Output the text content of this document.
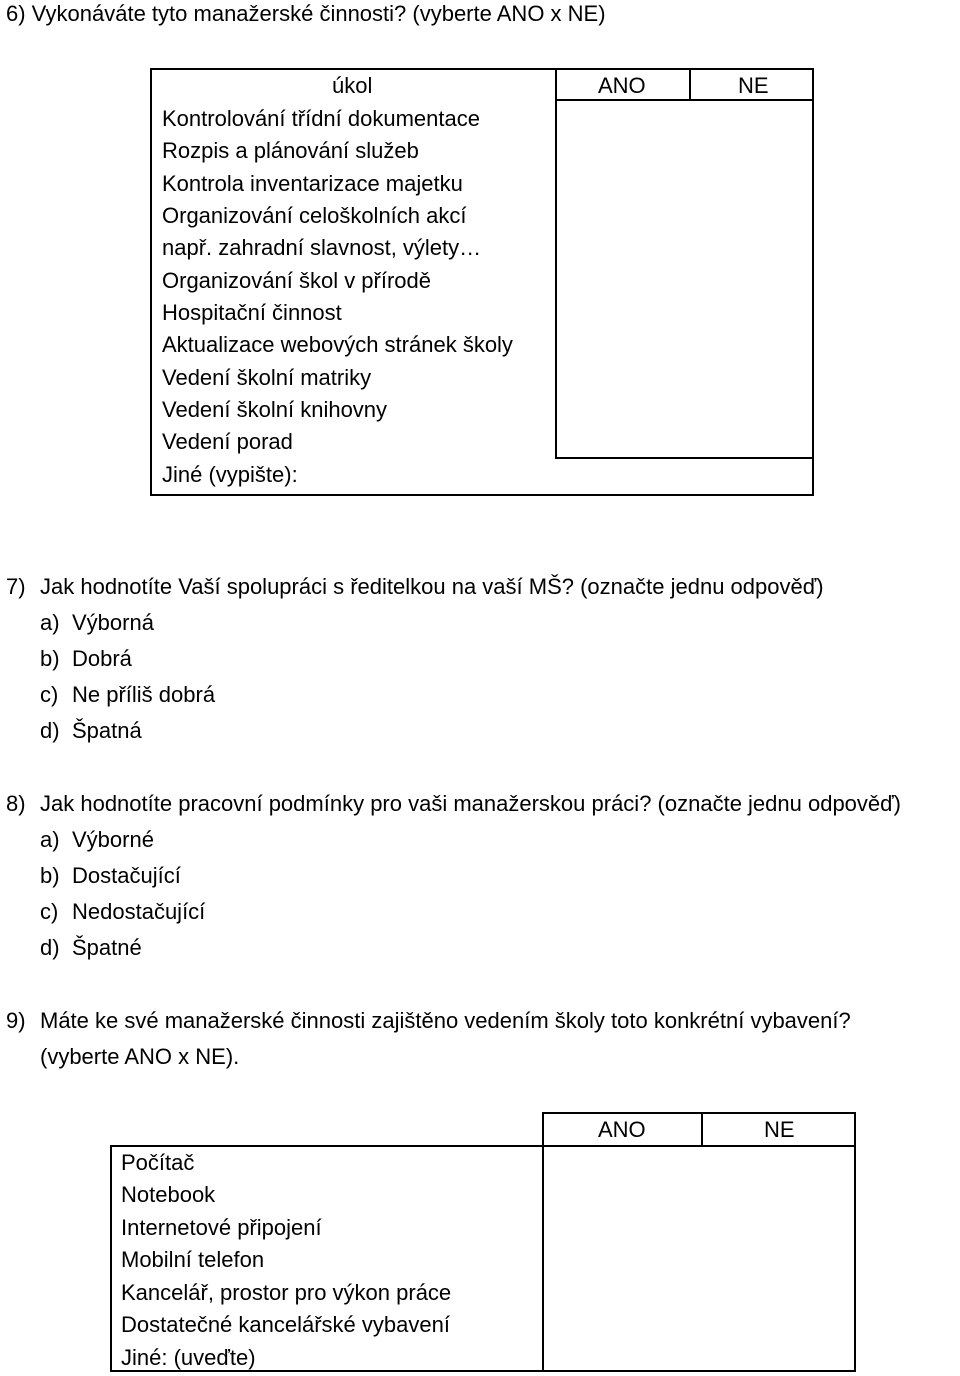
6) Vykonáváte tyto manažerské činnosti? (vyberte ANO x NE)
úkol	ANO	NE
Kontrolování třídní dokumentace
Rozpis a plánování služeb
Kontrola inventarizace majetku
Organizování celoškolních akcí
např. zahradní slavnost, výlety…
Organizování škol v přírodě
Hospitační činnost
Aktualizace webových stránek školy
Vedení školní matriky
Vedení školní knihovny
Vedení porad
Jiné (vypište):
7) Jak hodnotíte Vaší spolupráci s ředitelkou na vaší MŠ? (označte jednu odpověď)
a) Výborná
b) Dobrá
c) Ne příliš dobrá
d) Špatná
8) Jak hodnotíte pracovní podmínky pro vaši manažerskou práci? (označte jednu odpověď)
a) Výborné
b) Dostačující
c) Nedostačující
d) Špatné
9) Máte ke své manažerské činnosti zajištěno vedením školy toto konkrétní vybavení?
(vyberte ANO x NE).
ANO	NE
Počítač
Notebook
Internetové připojení
Mobilní telefon
Kancelář, prostor pro výkon práce
Dostatečné kancelářské vybavení
Jiné: (uveďte)
